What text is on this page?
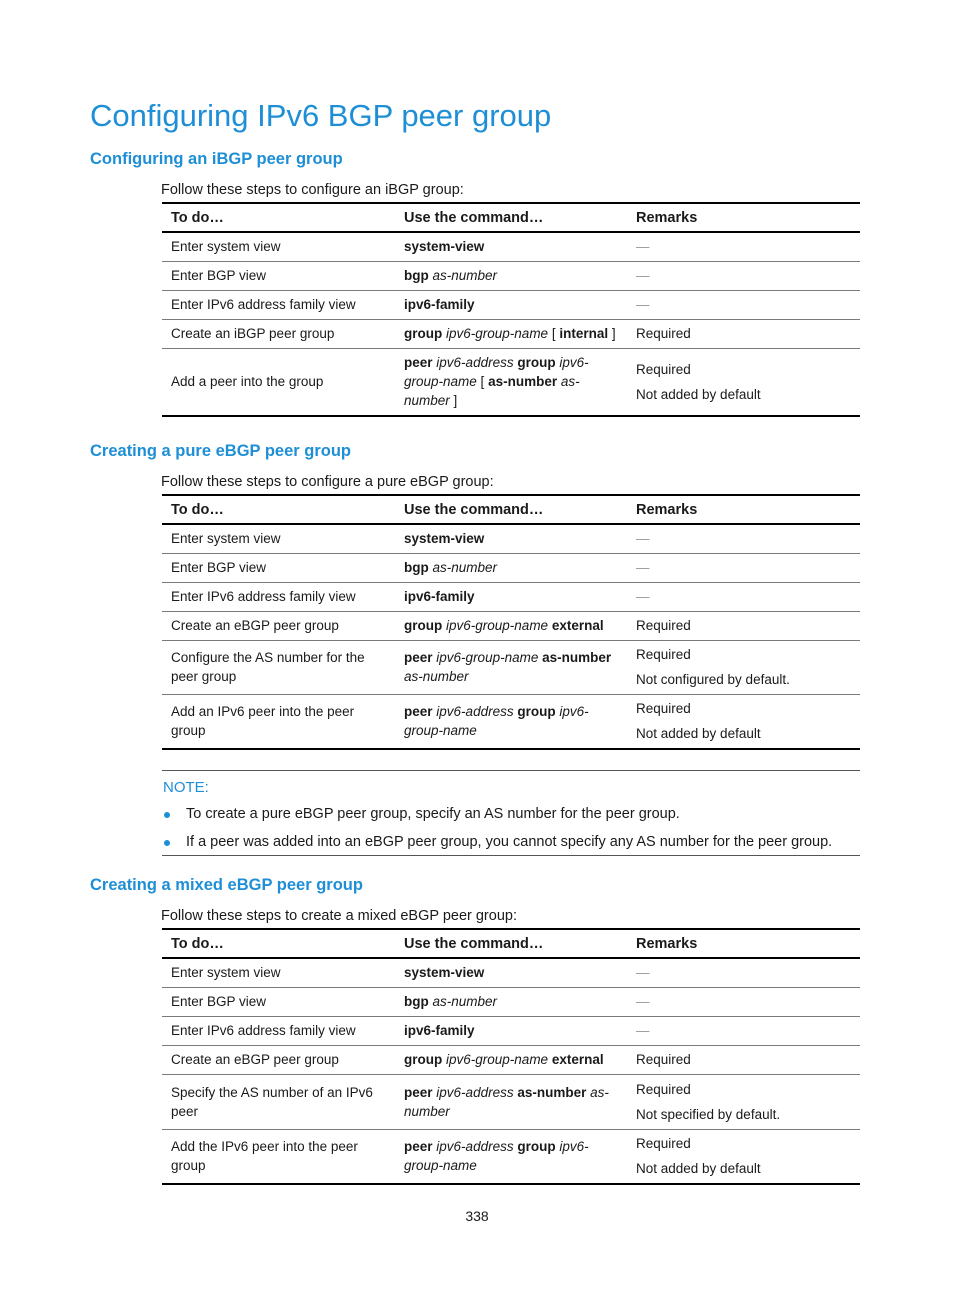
Configuring IPv6 BGP peer group
Configuring an iBGP peer group
Follow these steps to configure an iBGP group:
To do…	Use the command…	Remarks
Enter system view	system-view	—
Enter BGP view	bgp as-number	—
Enter IPv6 address family view	ipv6-family	—
Create an iBGP peer group	group ipv6-group-name [ internal ]	Required
Add a peer into the group	peer ipv6-address group ipv6-group-name [ as-number as-number ]	Required
Not added by default
Creating a pure eBGP peer group
Follow these steps to configure a pure eBGP group:
To do…	Use the command…	Remarks
Enter system view	system-view	—
Enter BGP view	bgp as-number	—
Enter IPv6 address family view	ipv6-family	—
Create an eBGP peer group	group ipv6-group-name external	Required
Configure the AS number for the peer group	peer ipv6-group-name as-number as-number	Required
Not configured by default.

Add an IPv6 peer into the peer group	peer ipv6-address group ipv6-group-name	Required
Not added by default
NOTE:
To create a pure eBGP peer group, specify an AS number for the peer group.
If a peer was added into an eBGP peer group, you cannot specify any AS number for the peer group.
Creating a mixed eBGP peer group
Follow these steps to create a mixed eBGP peer group:
To do…	Use the command…	Remarks
Enter system view	system-view	—
Enter BGP view	bgp as-number	—
Enter IPv6 address family view	ipv6-family	—
Create an eBGP peer group	group ipv6-group-name external	Required
Specify the AS number of an IPv6 peer	peer ipv6-address as-number as-number	Required
Not specified by default.

Add the IPv6 peer into the peer group	peer ipv6-address group ipv6-group-name	Required
Not added by default
338
